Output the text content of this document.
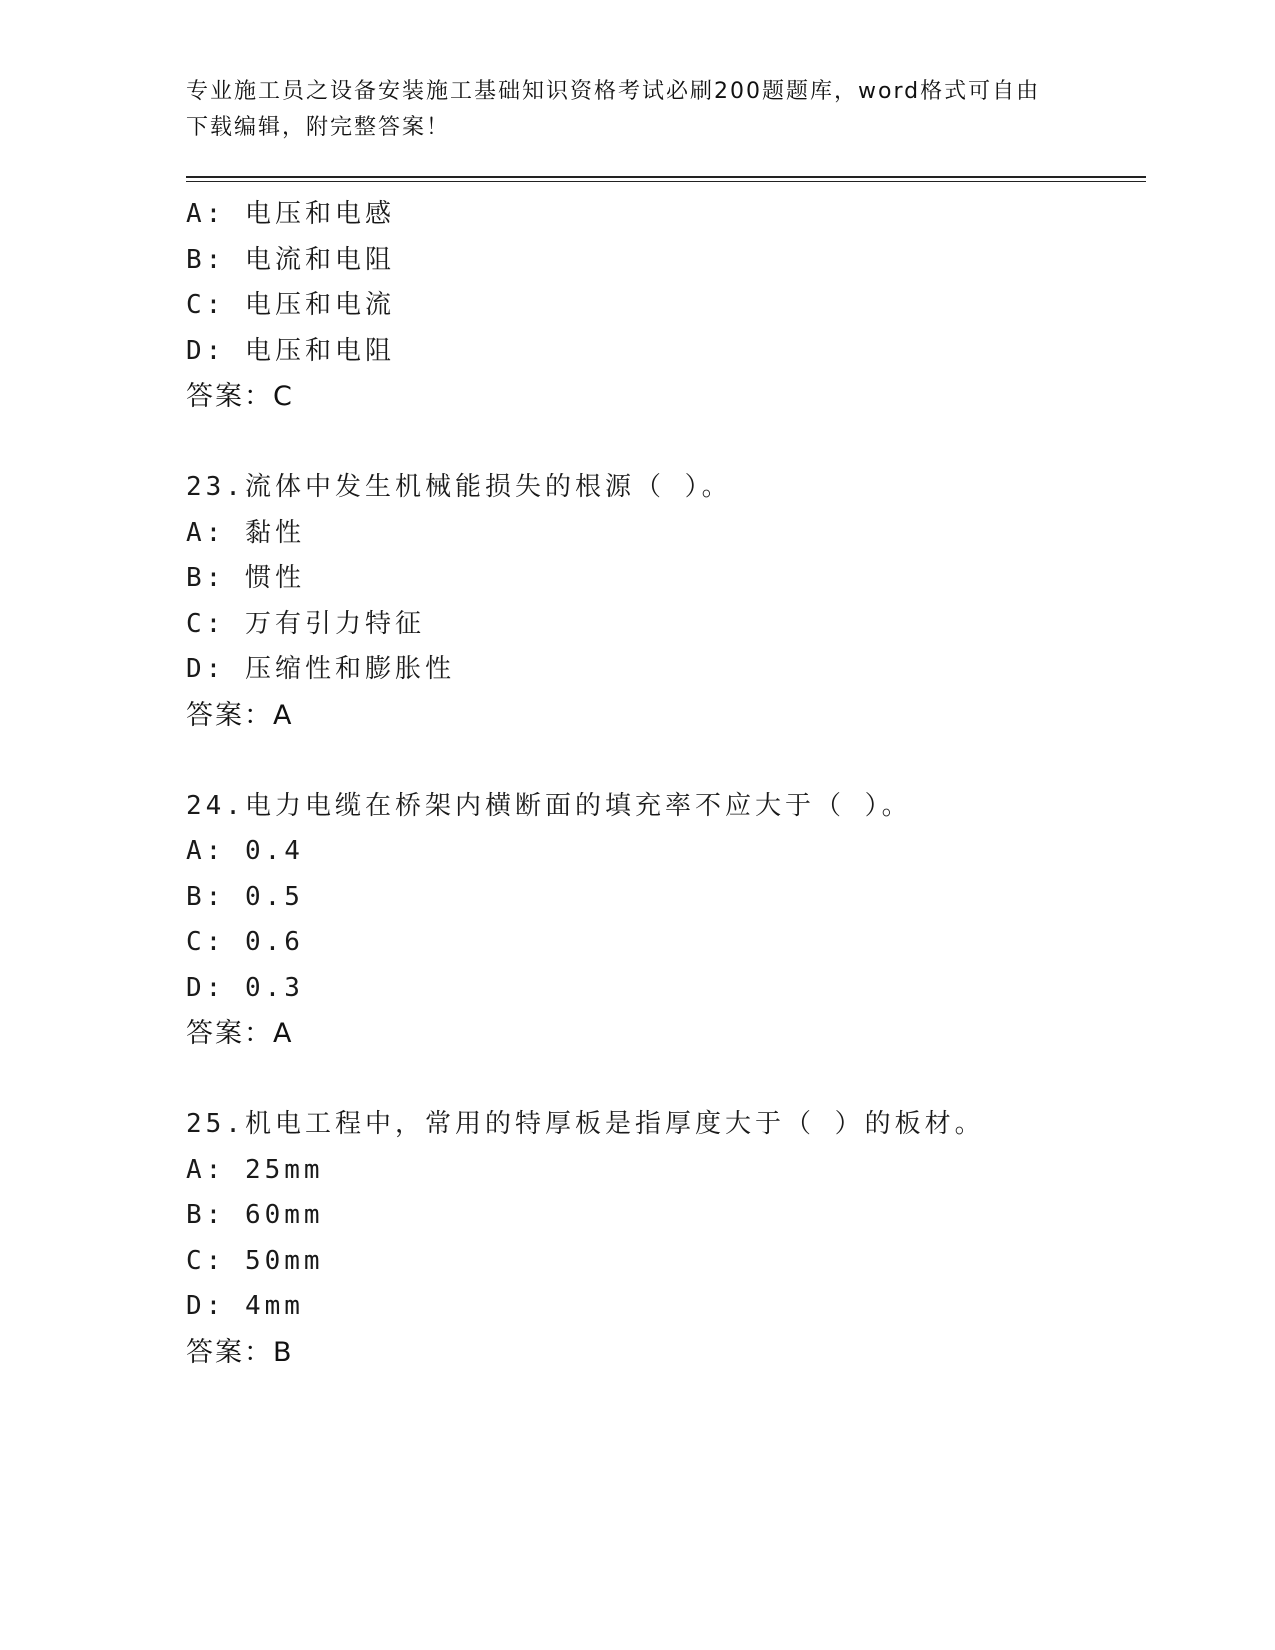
专业施工员之设备安装施工基础知识资格考试必刷200题题库，word格式可自由
下载编辑，附完整答案！
A: 电压和电感
B: 电流和电阻
C: 电压和电流
D: 电压和电阻
答案：C
23.流体中发生机械能损失的根源（ ）。
A: 黏性
B: 惯性
C: 万有引力特征
D: 压缩性和膨胀性
答案：A
24.电力电缆在桥架内横断面的填充率不应大于（ ）。
A: 0.4
B: 0.5
C: 0.6
D: 0.3
答案：A
25.机电工程中，常用的特厚板是指厚度大于（ ）的板材。
A: 25mm
B: 60mm
C: 50mm
D: 4mm
答案：B
